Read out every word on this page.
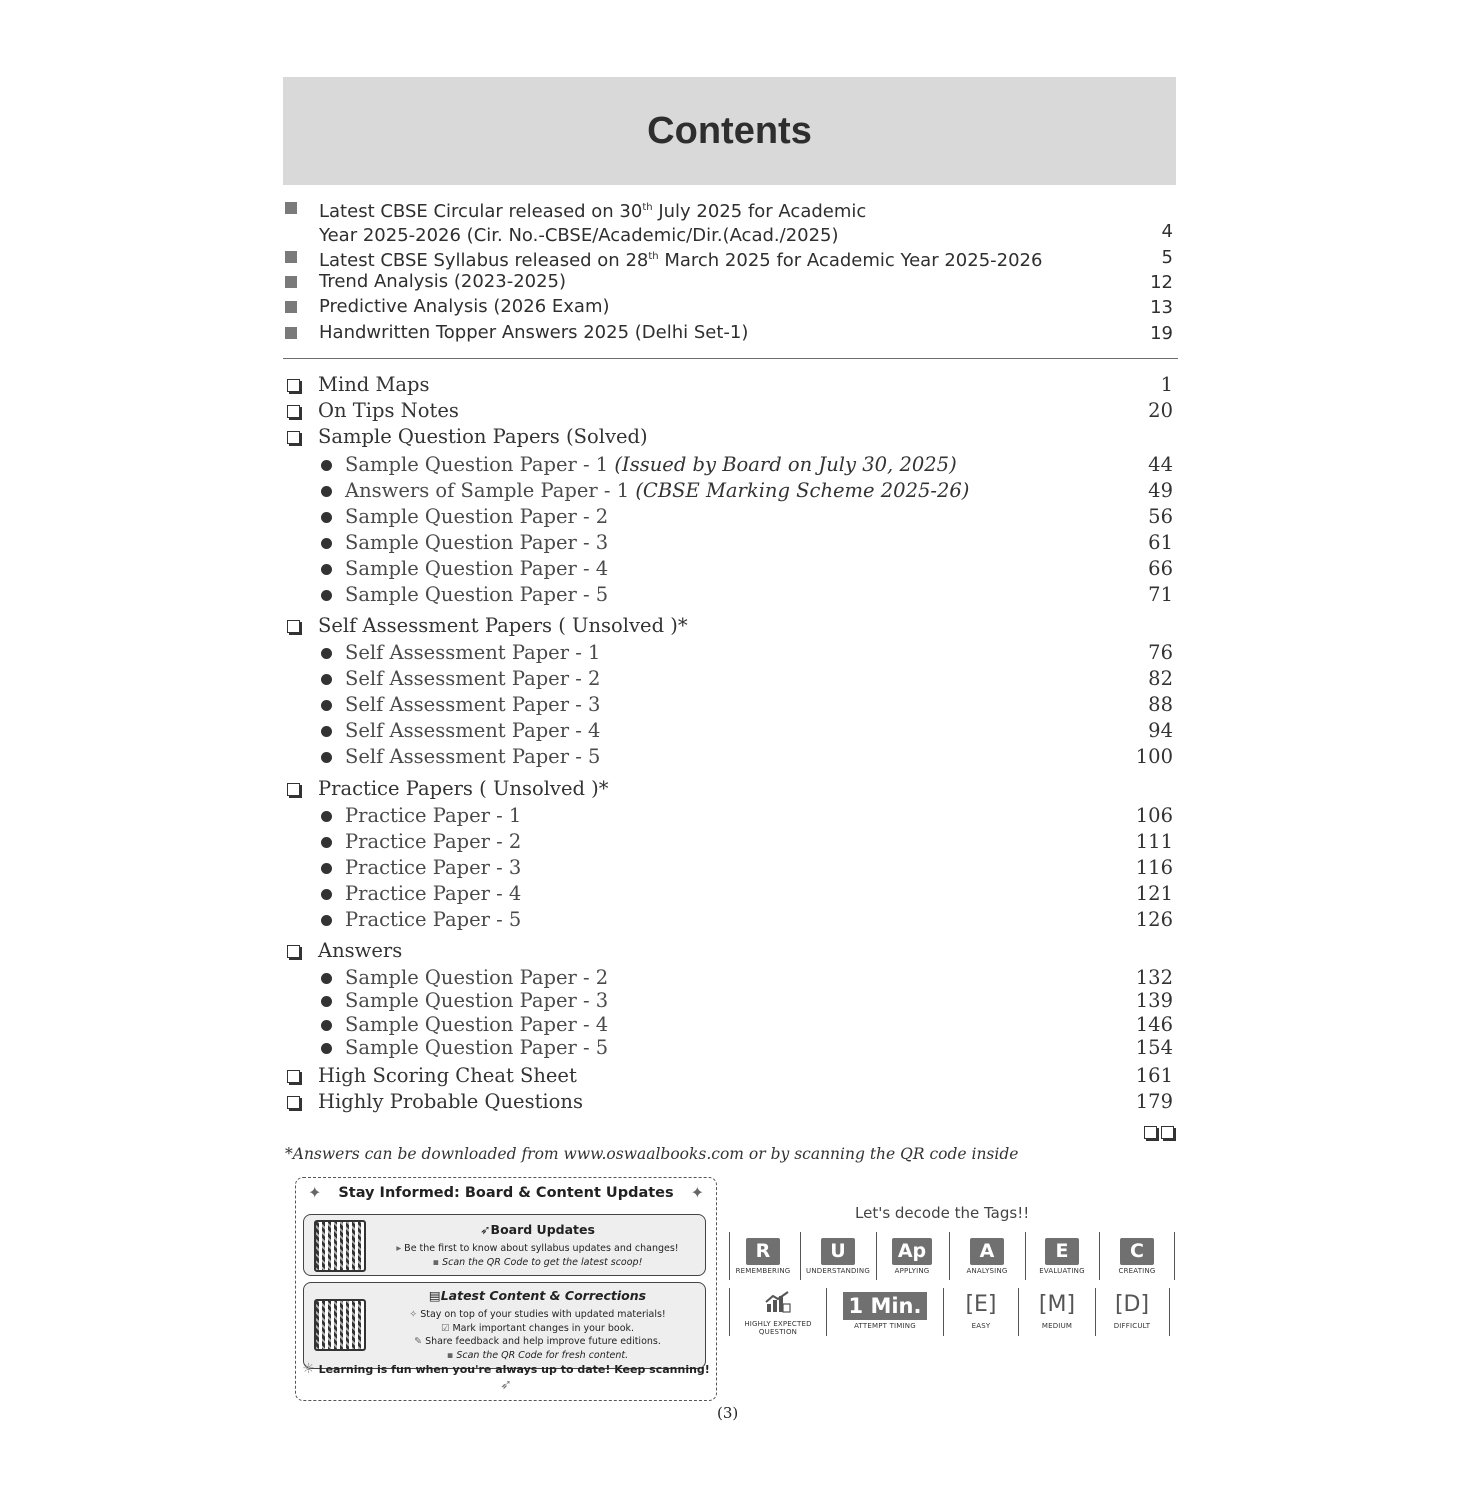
Contents
Latest CBSE Circular released on 30th July 2025 for Academic
Year 2025-2026 (Cir. No.-CBSE/Academic/Dir.(Acad./2025)	4
Latest CBSE Syllabus released on 28th March 2025 for Academic Year 2025-2026	5
Trend Analysis (2023-2025)	12
Predictive Analysis (2026 Exam)	13
Handwritten Topper Answers 2025 (Delhi Set-1)	19
Mind Maps	1
On Tips Notes	20
Sample Question Papers (Solved)
Sample Question Paper - 1 (Issued by Board on July 30, 2025)	44
Answers of Sample Paper - 1 (CBSE Marking Scheme 2025-26)	49
Sample Question Paper - 2	56
Sample Question Paper - 3	61
Sample Question Paper - 4	66
Sample Question Paper - 5	71
Self Assessment Papers ( Unsolved )*
Self Assessment Paper - 1	76
Self Assessment Paper - 2	82
Self Assessment Paper - 3	88
Self Assessment Paper - 4	94
Self Assessment Paper - 5	100
Practice Papers ( Unsolved )*
Practice Paper - 1	106
Practice Paper - 2	111
Practice Paper - 3	116
Practice Paper - 4	121
Practice Paper - 5	126
Answers
Sample Question Paper - 2	132
Sample Question Paper - 3	139
Sample Question Paper - 4	146
Sample Question Paper - 5	154
High Scoring Cheat Sheet	161
Highly Probable Questions	179
*Answers can be downloaded from www.oswaalbooks.com or by scanning the QR code inside
✦ Stay Informed: Board & Content Updates ✦
➶Board Updates
▸ Be the first to know about syllabus updates and changes!
▪ Scan the QR Code to get the latest scoop!
▤Latest Content & Corrections
✧ Stay on top of your studies with updated materials!
☑ Mark important changes in your book.
✎ Share feedback and help improve future editions.
▪ Scan the QR Code for fresh content.
☼ Learning is fun when you're always up to date! Keep scanning! ➶
Let's decode the Tags!!
R
REMEMBERING
U
UNDERSTANDING
Ap
APPLYING
A
ANALYSING
E
EVALUATING
C
CREATING
HIGHLY EXPECTED QUESTION
1 Min.
ATTEMPT TIMING
[E]
EASY
[M]
MEDIUM
[D]
DIFFICULT
(3)
